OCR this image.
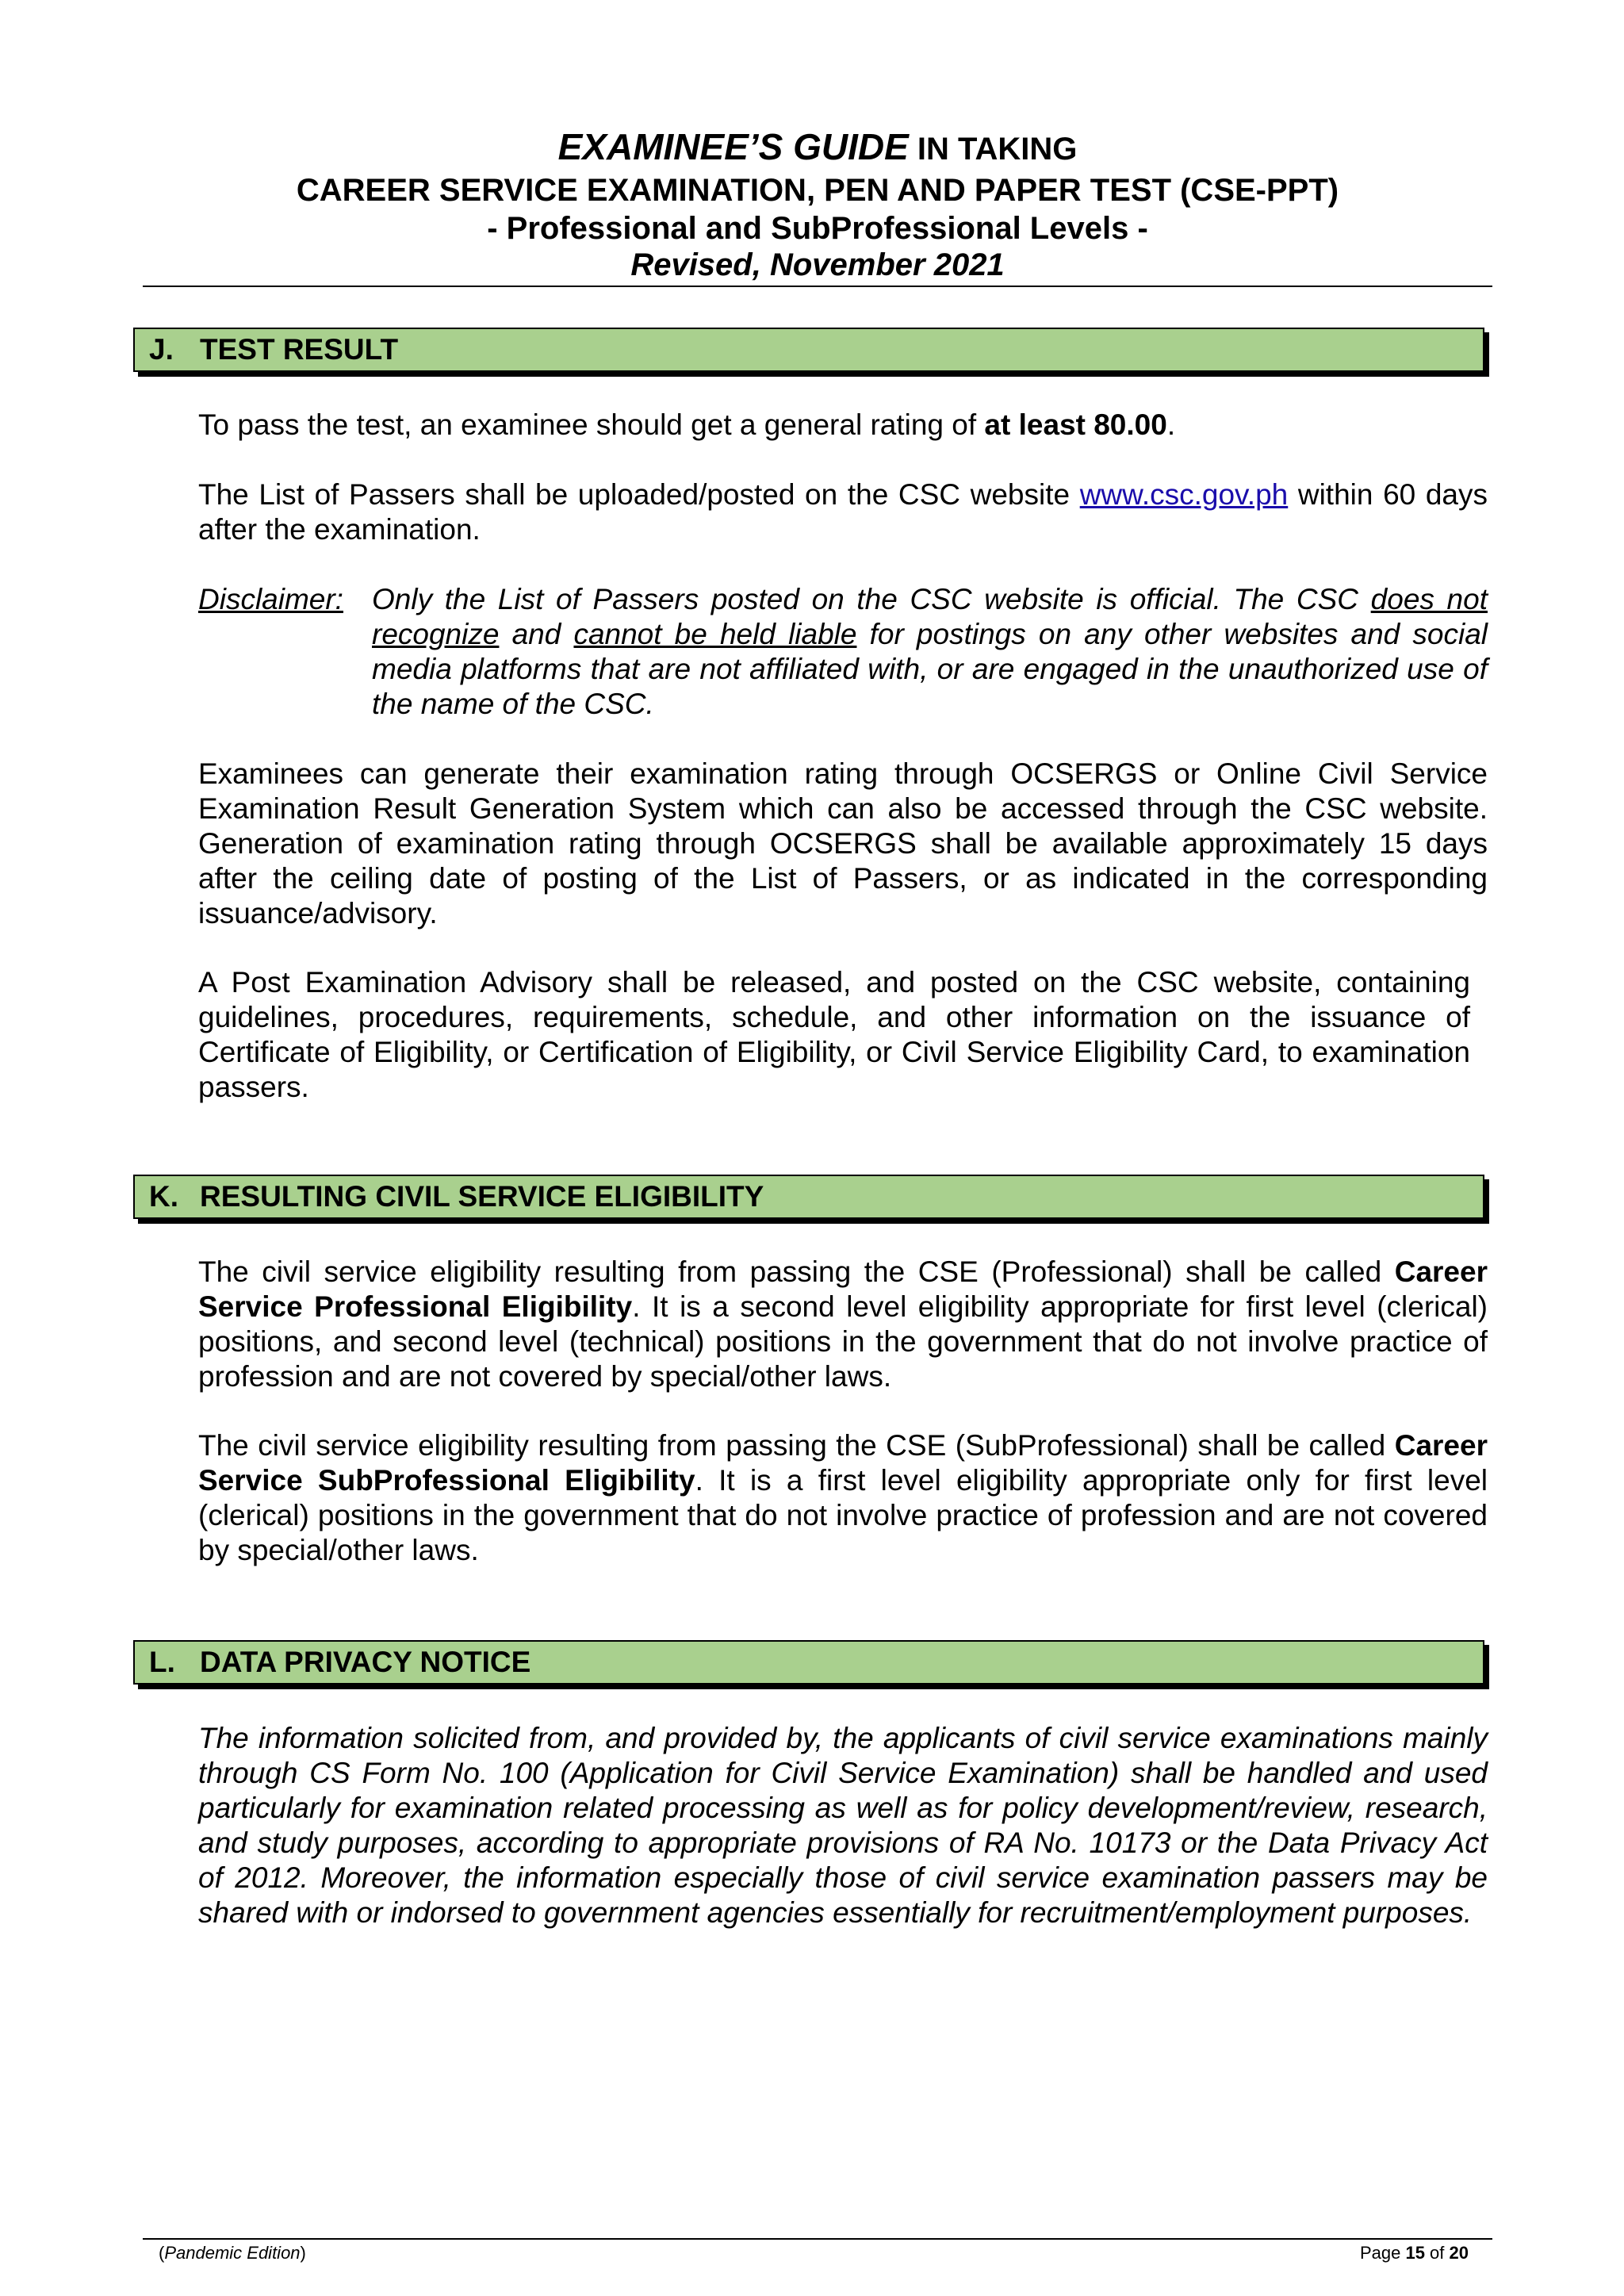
EXAMINEE’S GUIDE IN TAKING
CAREER SERVICE EXAMINATION, PEN AND PAPER TEST (CSE-PPT)
- Professional and SubProfessional Levels -
Revised, November 2021
J. TEST RESULT

To pass the test, an examinee should get a general rating of at least 80.00.

The List of Passers shall be uploaded/posted on the CSC website www.csc.gov.ph within 60 days after the examination.

Disclaimer: Only the List of Passers posted on the CSC website is official. The CSC does not recognize and cannot be held liable for postings on any other websites and social media platforms that are not affiliated with, or are engaged in the unauthorized use of the name of the CSC.

Examinees can generate their examination rating through OCSERGS or Online Civil Service Examination Result Generation System which can also be accessed through the CSC website. Generation of examination rating through OCSERGS shall be available approximately 15 days after the ceiling date of posting of the List of Passers, or as indicated in the corresponding issuance/advisory.

A Post Examination Advisory shall be released, and posted on the CSC website, containing guidelines, procedures, requirements, schedule, and other information on the issuance of Certificate of Eligibility, or Certification of Eligibility, or Civil Service Eligibility Card, to examination passers.

K. RESULTING CIVIL SERVICE ELIGIBILITY

The civil service eligibility resulting from passing the CSE (Professional) shall be called Career Service Professional Eligibility. It is a second level eligibility appropriate for first level (clerical) positions, and second level (technical) positions in the government that do not involve practice of profession and are not covered by special/other laws.

The civil service eligibility resulting from passing the CSE (SubProfessional) shall be called Career Service SubProfessional Eligibility. It is a first level eligibility appropriate only for first level (clerical) positions in the government that do not involve practice of profession and are not covered by special/other laws.

L. DATA PRIVACY NOTICE

The information solicited from, and provided by, the applicants of civil service examinations mainly through CS Form No. 100 (Application for Civil Service Examination) shall be handled and used particularly for examination related processing as well as for policy development/review, research, and study purposes, according to appropriate provisions of RA No. 10173 or the Data Privacy Act of 2012. Moreover, the information especially those of civil service examination passers may be shared with or indorsed to government agencies essentially for recruitment/employment purposes.

(Pandemic Edition)	Page 15 of 20
